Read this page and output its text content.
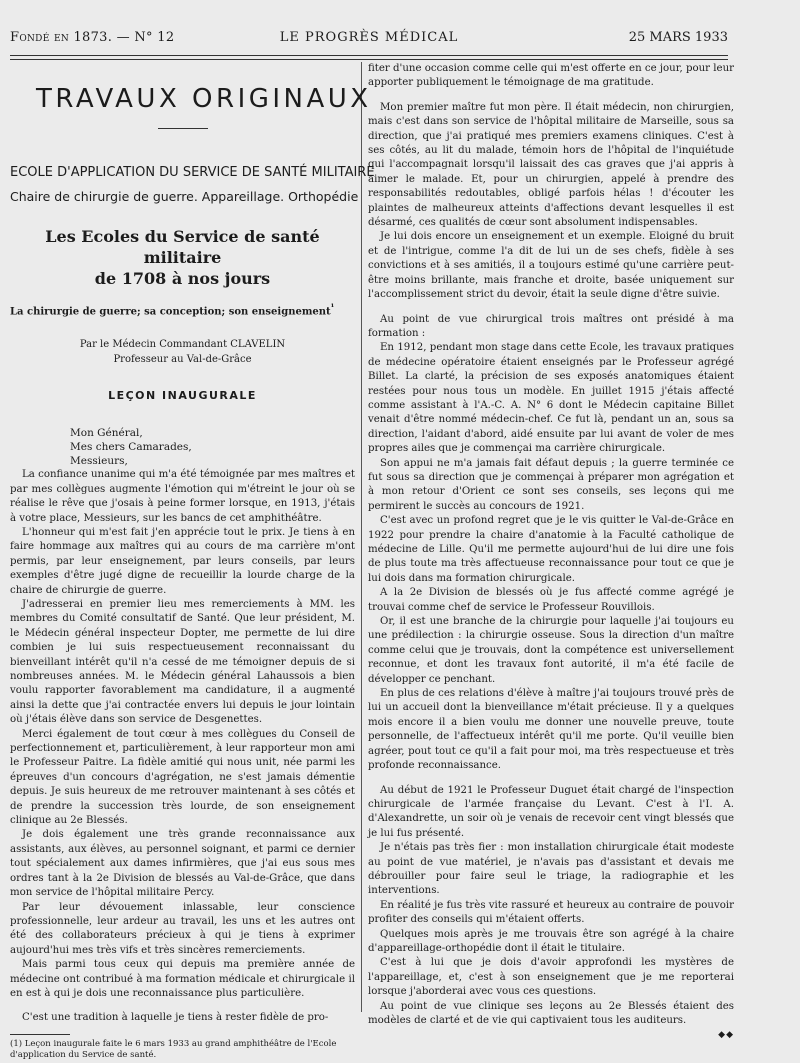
Fondé en 1873. — N° 12	LE PROGRÈS MÉDICAL	25 MARS 1933
TRAVAUX ORIGINAUX
ECOLE D'APPLICATION DU SERVICE DE SANTÉ MILITAIRE
Chaire de chirurgie de guerre. Appareillage. Orthopédie
Les Ecoles du Service de santé militaire
de 1708 à nos jours
La chirurgie de guerre; sa conception; son enseignement$^{^1}$
Par le Médecin Commandant CLAVELIN
Professeur au Val-de-Grâce
LEÇON INAUGURALE
Mon Général,
Mes chers Camarades,
Messieurs,

La confiance unanime qui m'a été témoignée par mes maîtres et par mes collègues augmente l'émotion qui m'étreint le jour où se réalise le rêve que j'osais à peine former lorsque, en 1913, j'étais à votre place, Messieurs, sur les bancs de cet amphithéâtre.

L'honneur qui m'est fait j'en apprécie tout le prix. Je tiens à en faire hommage aux maîtres qui au cours de ma carrière m'ont permis, par leur enseignement, par leurs conseils, par leurs exemples d'être jugé digne de recueillir la lourde charge de la chaire de chirurgie de guerre.

J'adresserai en premier lieu mes remerciements à MM. les membres du Comité consultatif de Santé. Que leur président, M. le Médecin général inspecteur Dopter, me permette de lui dire combien je lui suis respectueusement reconnaissant du bienveillant intérêt qu'il n'a cessé de me témoigner depuis de si nombreuses années. M. le Médecin général Lahaussois a bien voulu rapporter favorablement ma candidature, il a augmenté ainsi la dette que j'ai contractée envers lui depuis le jour lointain où j'étais élève dans son service de Desgenettes.

Merci également de tout cœur à mes collègues du Conseil de perfectionnement et, particulièrement, à leur rapporteur mon ami le Professeur Paitre. La fidèle amitié qui nous unit, née parmi les épreuves d'un concours d'agrégation, ne s'est jamais démentie depuis. Je suis heureux de me retrouver maintenant à ses côtés et de prendre la succession très lourde, de son enseignement clinique au 2e Blessés.

Je dois également une très grande reconnaissance aux assistants, aux élèves, au personnel soignant, et parmi ce dernier tout spécialement aux dames infirmières, que j'ai eus sous mes ordres tant à la 2e Division de blessés au Val-de-Grâce, que dans mon service de l'hôpital militaire Percy.

Par leur dévouement inlassable, leur conscience professionnelle, leur ardeur au travail, les uns et les autres ont été des collaborateurs précieux à qui je tiens à exprimer aujourd'hui mes très vifs et très sincères remerciements.

Mais parmi tous ceux qui depuis ma première année de médecine ont contribué à ma formation médicale et chirurgicale il en est à qui je dois une reconnaissance plus particulière.

C'est une tradition à laquelle je tiens à rester fidèle de pro-

(1) Leçon inaugurale faite le 6 mars 1933 au grand amphithéâtre de l'Ecole d'application du Service de santé.

fiter d'une occasion comme celle qui m'est offerte en ce jour, pour leur apporter publiquement le témoignage de ma gratitude.

Mon premier maître fut mon père. Il était médecin, non chirurgien, mais c'est dans son service de l'hôpital militaire de Marseille, sous sa direction, que j'ai pratiqué mes premiers examens cliniques. C'est à ses côtés, au lit du malade, témoin hors de l'hôpital de l'inquiétude qui l'accompagnait lorsqu'il laissait des cas graves que j'ai appris à aimer le malade. Et, pour un chirurgien, appelé à prendre des responsabilités redoutables, obligé parfois hélas ! d'écouter les plaintes de malheureux atteints d'affections devant lesquelles il est désarmé, ces qualités de cœur sont absolument indispensables.

Je lui dois encore un enseignement et un exemple. Eloigné du bruit et de l'intrigue, comme l'a dit de lui un de ses chefs, fidèle à ses convictions et à ses amitiés, il a toujours estimé qu'une carrière peut-être moins brillante, mais franche et droite, basée uniquement sur l'accomplissement strict du devoir, était la seule digne d'être suivie.

Au point de vue chirurgical trois maîtres ont présidé à ma formation :

En 1912, pendant mon stage dans cette Ecole, les travaux pratiques de médecine opératoire étaient enseignés par le Professeur agrégé Billet. La clarté, la précision de ses exposés anatomiques étaient restées pour nous tous un modèle. En juillet 1915 j'étais affecté comme assistant à l'A.-C. A. N° 6 dont le Médecin capitaine Billet venait d'être nommé médecin-chef. Ce fut là, pendant un an, sous sa direction, l'aidant d'abord, aidé ensuite par lui avant de voler de mes propres ailes que je commençai ma carrière chirurgicale.

Son appui ne m'a jamais fait défaut depuis ; la guerre terminée ce fut sous sa direction que je commençai à préparer mon agrégation et à mon retour d'Orient ce sont ses conseils, ses leçons qui me permirent le succès au concours de 1921.

C'est avec un profond regret que je le vis quitter le Val-de-Grâce en 1922 pour prendre la chaire d'anatomie à la Faculté catholique de médecine de Lille. Qu'il me permette aujourd'hui de lui dire une fois de plus toute ma très affectueuse reconnaissance pour tout ce que je lui dois dans ma formation chirurgicale.

A la 2e Division de blessés où je fus affecté comme agrégé je trouvai comme chef de service le Professeur Rouvillois.

Or, il est une branche de la chirurgie pour laquelle j'ai toujours eu une prédilection : la chirurgie osseuse. Sous la direction d'un maître comme celui que je trouvais, dont la compétence est universellement reconnue, et dont les travaux font autorité, il m'a été facile de développer ce penchant.

En plus de ces relations d'élève à maître j'ai toujours trouvé près de lui un accueil dont la bienveillance m'était précieuse. Il y a quelques mois encore il a bien voulu me donner une nouvelle preuve, toute personnelle, de l'affectueux intérêt qu'il me porte. Qu'il veuille bien agréer, pout tout ce qu'il a fait pour moi, ma très respectueuse et très profonde reconnaissance.

Au début de 1921 le Professeur Duguet était chargé de l'inspection chirurgicale de l'armée française du Levant. C'est à l'I. A. d'Alexandrette, un soir où je venais de recevoir cent vingt blessés que je lui fus présenté.

Je n'étais pas très fier : mon installation chirurgicale était modeste au point de vue matériel, je n'avais pas d'assistant et devais me débrouiller pour faire seul le triage, la radiographie et les interventions.

En réalité je fus très vite rassuré et heureux au contraire de pouvoir profiter des conseils qui m'étaient offerts.

Quelques mois après je me trouvais être son agrégé à la chaire d'appareillage-orthopédie dont il était le titulaire.

C'est à lui que je dois d'avoir approfondi les mystères de l'appareillage, et, c'est à son enseignement que je me reporterai lorsque j'aborderai avec vous ces questions.

Au point de vue clinique ses leçons au 2e Blessés étaient des modèles de clarté et de vie qui captivaient tous les auditeurs.

◆◆
